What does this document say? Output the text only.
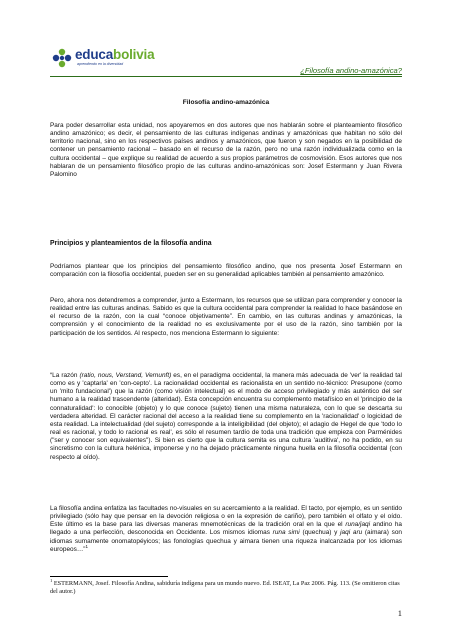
educabolivia
aprendiendo en la diversidad
¿Filosofía andino-amazónica?
Filosofía andino-amazónica

Para poder desarrollar esta unidad, nos apoyaremos en dos autores que nos hablarán sobre el planteamiento filosófico andino amazónico; es decir, el pensamiento de las culturas indígenas andinas y amazónicas que habitan no sólo del territorio nacional, sino en los respectivos países andinos y amazónicos, que fueron y son negados en la posibilidad de contener un pensamiento racional – basado en el recurso de la razón, pero no una razón individualizada como en la cultura occidental – que explique su realidad de acuerdo a sus propios parámetros de cosmovisión. Esos autores que nos hablaran de un pensamiento filosófico propio de las culturas andino-amazónicas son: Josef Estermann y Juan Rivera Palomino

Principios y planteamientos de la filosofía andina

Podríamos plantear que los principios del pensamiento filosófico andino, que nos presenta Josef Estermann en comparación con la filosofía occidental, pueden ser en su generalidad aplicables también al pensamiento amazónico.

Pero, ahora nos detendremos a comprender, junto a Estermann, los recursos que se utilizan para comprender y conocer la realidad entre las culturas andinas. Sabido es que la cultura occidental para comprender la realidad lo hace basándose en el recurso de la razón, con la cual “conoce objetivamente”. En cambio, en las culturas andinas y amazónicas, la comprensión y el conocimiento de la realidad no es exclusivamente por el uso de la razón, sino también por la participación de los sentidos. Al respecto, nos menciona Estermann lo siguiente:

“La razón (ratio, nous, Verstand, Vernunft) es, en el paradigma occidental, la manera más adecuada de 'ver' la realidad tal como es y 'captarla' en 'con-cepto'. La racionalidad occidental es racionalista en un sentido no-técnico: Presupone (como un 'mito fundacional') que la razón (como visión intelectual) es el modo de acceso privilegiado y más auténtico del ser humano a la realidad trascendente (alteridad). Esta concepción encuentra su complemento metafísico en el 'principio de la connaturalidad': lo conocible (objeto) y lo que conoce (sujeto) tienen una misma naturaleza, con lo que se descarta su verdadera alteridad. El carácter racional del acceso a la realidad tiene su complemento en la 'racionalidad' o logicidad de esta realidad. La intelectualidad (del sujeto) corresponde a la inteligibilidad (del objeto); el adagio de Hegel de que 'todo lo real es racional, y todo lo racional es real', es sólo el resumen tardío de toda una tradición que empieza con Parménides ("ser y conocer son equivalentes"). Si bien es cierto que la cultura semita es una cultura 'auditiva', no ha podido, en su sincretismo con la cultura helénica, imponerse y no ha dejado prácticamente ninguna huella en la filosofía occidental (con respecto al oído).

La filosofía andina enfatiza las facultades no-visuales en su acercamiento a la realidad. El tacto, por ejemplo, es un sentido privilegiado (sólo hay que pensar en la devoción religiosa o en la expresión de cariño), pero también el olfato y el oído. Este último es la base para las diversas maneras mnemotécnicas de la tradición oral en la que el runa/jaqi andino ha llegado a una perfección, desconocida en Occidente. Los mismos idiomas runa simi (quechua) y jaqi aru (aimara) son idiomas sumamente onomatopéyicos; las fonologías quechua y aimara tienen una riqueza inalcanzada por los idiomas europeos…”$^1$

$^1$ ESTERMANN, Josef. Filosofía Andina, sabiduría indígena para un mundo nuevo. Ed. ISEAT, La Paz 2006. Pág. 113. (Se omitieron citas del autor.)
1
